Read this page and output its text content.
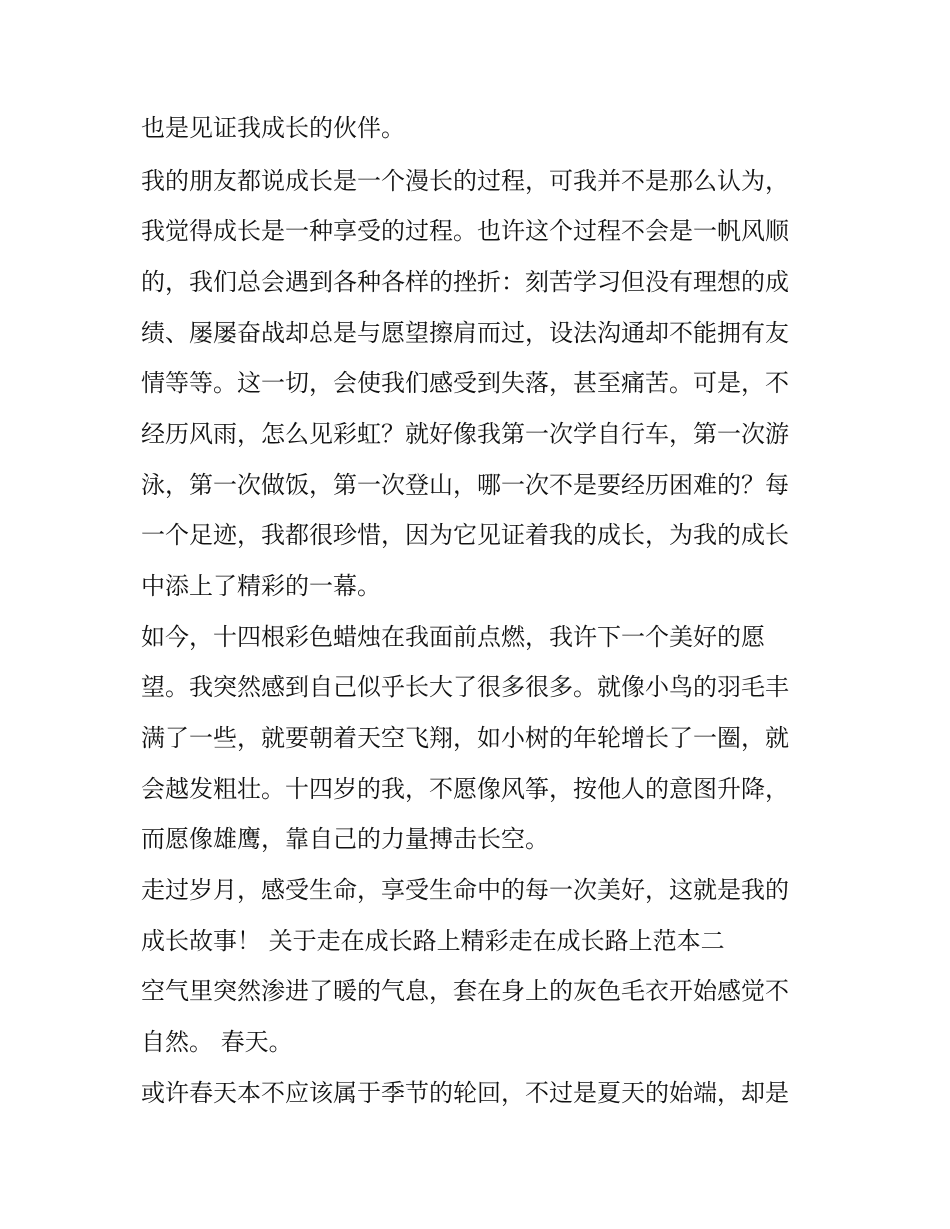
也是见证我成长的伙伴。
我的朋友都说成长是一个漫长的过程，可我并不是那么认为，
我觉得成长是一种享受的过程。也许这个过程不会是一帆风顺
的，我们总会遇到各种各样的挫折：刻苦学习但没有理想的成
绩、屡屡奋战却总是与愿望擦肩而过，设法沟通却不能拥有友
情等等。这一切，会使我们感受到失落，甚至痛苦。可是，不
经历风雨，怎么见彩虹？就好像我第一次学自行车，第一次游
泳，第一次做饭，第一次登山，哪一次不是要经历困难的？每
一个足迹，我都很珍惜，因为它见证着我的成长，为我的成长
中添上了精彩的一幕。
如今，十四根彩色蜡烛在我面前点燃，我许下一个美好的愿
望。我突然感到自己似乎长大了很多很多。就像小鸟的羽毛丰
满了一些，就要朝着天空飞翔，如小树的年轮增长了一圈，就
会越发粗壮。十四岁的我，不愿像风筝，按他人的意图升降，
而愿像雄鹰，靠自己的力量搏击长空。
走过岁月，感受生命，享受生命中的每一次美好，这就是我的
成长故事！ 关于走在成长路上精彩走在成长路上范本二
空气里突然渗进了暖的气息，套在身上的灰色毛衣开始感觉不
自然。 春天。
或许春天本不应该属于季节的轮回，不过是夏天的始端，却是
